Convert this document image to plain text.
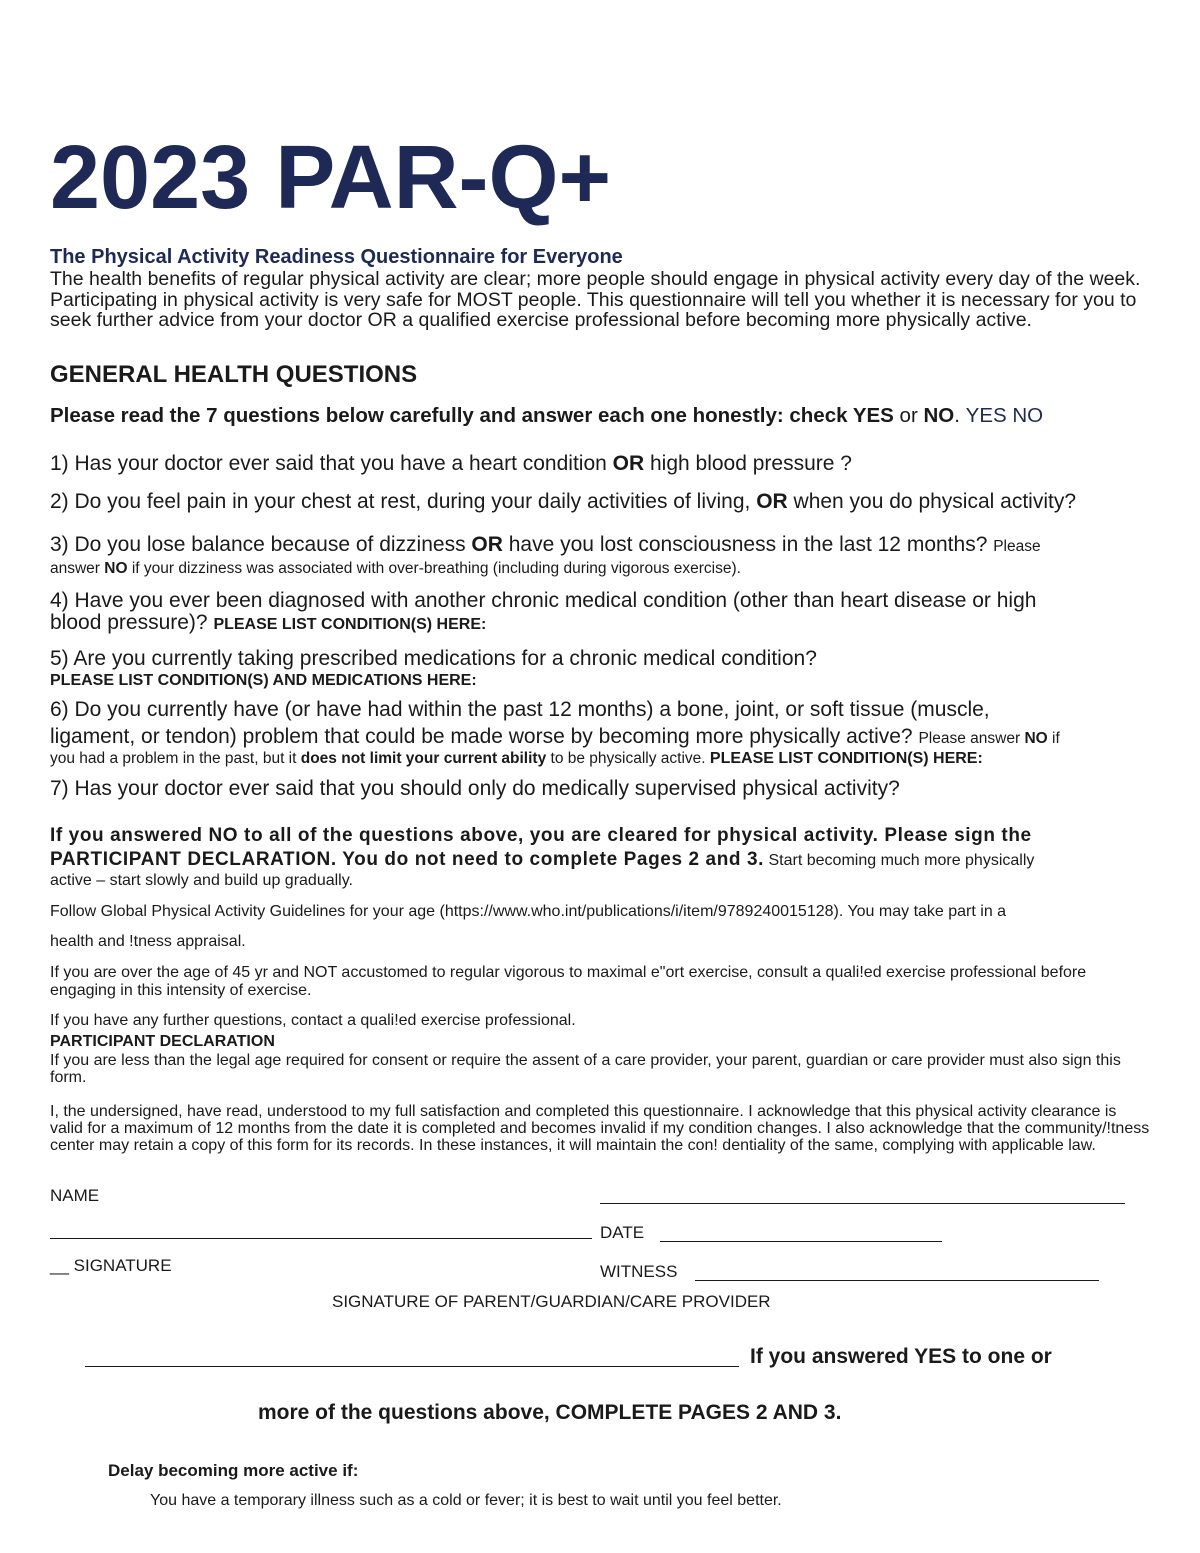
2023 PAR-Q+
The Physical Activity Readiness Questionnaire for Everyone
The health benefits of regular physical activity are clear; more people should engage in physical activity every day of the week. Participating in physical activity is very safe for MOST people. This questionnaire will tell you whether it is necessary for you to seek further advice from your doctor OR a qualified exercise professional before becoming more physically active.
GENERAL HEALTH QUESTIONS
Please read the 7 questions below carefully and answer each one honestly: check YES or NO. YES NO
1) Has your doctor ever said that you have a heart condition OR high blood pressure ?
2) Do you feel pain in your chest at rest, during your daily activities of living, OR when you do physical activity?
3) Do you lose balance because of dizziness OR have you lost consciousness in the last 12 months? Please
answer NO if your dizziness was associated with over-breathing (including during vigorous exercise).
4) Have you ever been diagnosed with another chronic medical condition (other than heart disease or high
blood pressure)? PLEASE LIST CONDITION(S) HERE:
5) Are you currently taking prescribed medications for a chronic medical condition?
PLEASE LIST CONDITION(S) AND MEDICATIONS HERE:
6) Do you currently have (or have had within the past 12 months) a bone, joint, or soft tissue (muscle,
ligament, or tendon) problem that could be made worse by becoming more physically active? Please answer NO if
you had a problem in the past, but it does not limit your current ability to be physically active. PLEASE LIST CONDITION(S) HERE:
7) Has your doctor ever said that you should only do medically supervised physical activity?
If you answered NO to all of the questions above, you are cleared for physical activity. Please sign the PARTICIPANT DECLARATION. You do not need to complete Pages 2 and 3. Start becoming much more physically
active – start slowly and build up gradually.
Follow Global Physical Activity Guidelines for your age (https://www.who.int/publications/i/item/9789240015128). You may take part in a
health and !tness appraisal.
If you are over the age of 45 yr and NOT accustomed to regular vigorous to maximal e"ort exercise, consult a quali!ed exercise professional before engaging in this intensity of exercise.
If you have any further questions, contact a quali!ed exercise professional.
PARTICIPANT DECLARATION
If you are less than the legal age required for consent or require the assent of a care provider, your parent, guardian or care provider must also sign this form.
I, the undersigned, have read, understood to my full satisfaction and completed this questionnaire. I acknowledge that this physical activity clearance is valid for a maximum of 12 months from the date it is completed and becomes invalid if my condition changes. I also acknowledge that the community/!tness center may retain a copy of this form for its records. In these instances, it will maintain the con! dentiality of the same, complying with applicable law.
NAME
DATE
__ SIGNATURE	WITNESS
SIGNATURE OF PARENT/GUARDIAN/CARE PROVIDER
If you answered YES to one or
more of the questions above, COMPLETE PAGES 2 AND 3.
Delay becoming more active if:
You have a temporary illness such as a cold or fever; it is best to wait until you feel better.
